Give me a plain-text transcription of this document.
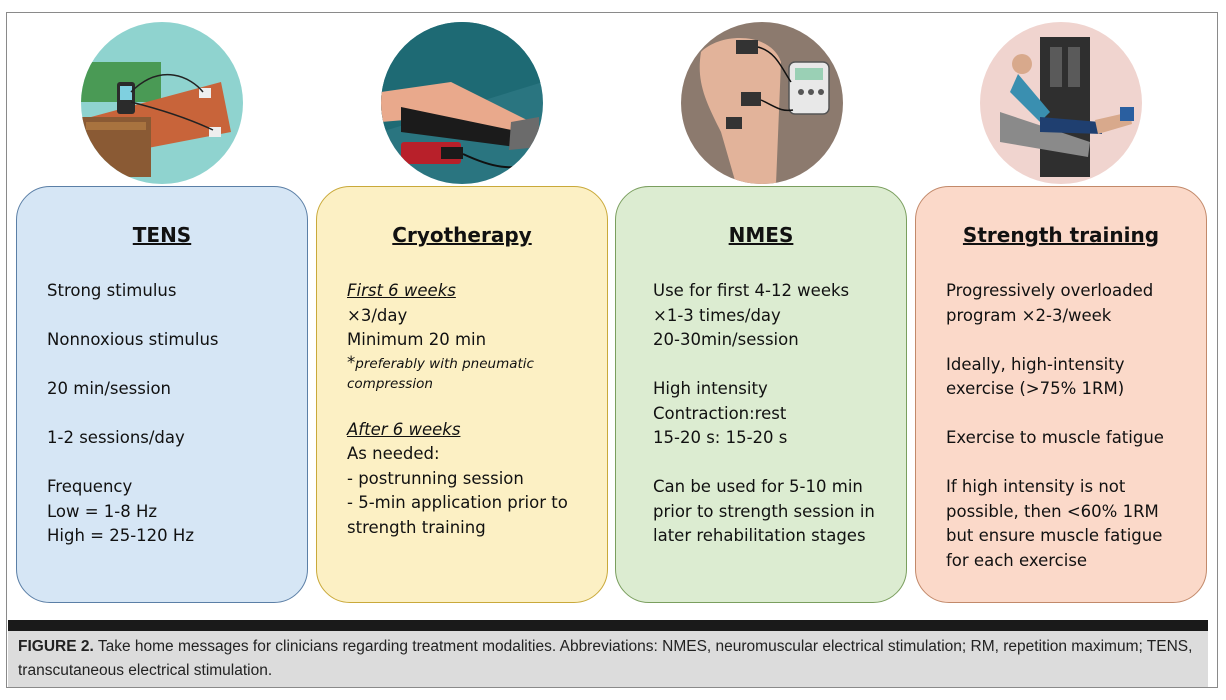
TENS

Strong stimulus

Nonnoxious stimulus

20 min/session

1-2 sessions/day

Frequency

Low = 1-8 Hz

High = 25-120 Hz

Cryotherapy

First 6 weeks

×3/day

Minimum 20 min

*preferably with pneumatic compression

After 6 weeks

As needed:

- postrunning session

- 5-min application prior to strength training

NMES

Use for first 4-12 weeks

×1-3 times/day

20-30min/session

High intensity

Contraction:rest

15-20 s: 15-20 s

Can be used for 5-10 min prior to strength session in later rehabilitation stages

Strength training

Progressively overloaded program ×2-3/week

Ideally, high-intensity exercise (>75% 1RM)

Exercise to muscle fatigue

If high intensity is not possible, then <60% 1RM but ensure muscle fatigue for each exercise

FIGURE 2. Take home messages for clinicians regarding treatment modalities. Abbreviations: NMES, neuromuscular electrical stimulation; RM, repetition maximum; TENS, transcutaneous electrical stimulation.
